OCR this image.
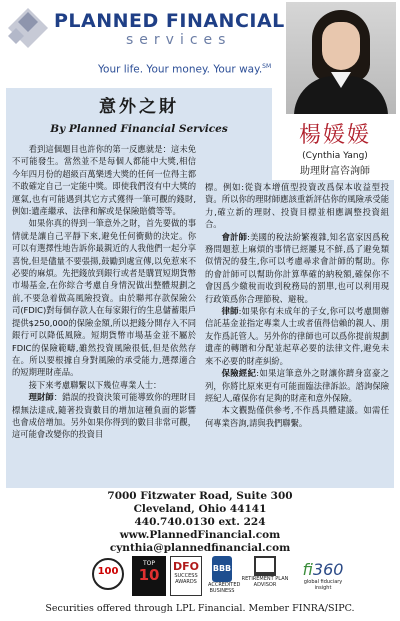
PLANNED FINANCIAL
services
Your life. Your money. Your way.℠
楊媛媛
(Cynthia Yang)
助理財富咨詢師
意外之財
By Planned Financial Services

看到這個題目也許你的第一反應就是：這未免不可能發生。當然並不是每個人都能中大獎,相信今年四月份的超級百萬樂透大獎的任何一位得主都不敢確定自己一定能中獎。即使我們沒有中大獎的運氣,也有可能遇到其它方式獲得一筆可觀的錢財,例如:遺產繼承、法律和解或是保險賠償等等。

如果你真的得到一筆意外之財，首先要做的事情就是讓自己平靜下來,避免任何衝動的決定。你可以有選擇性地告訴你最親近的人我他們一起分享喜悅,但是儘量不要張揚,鼓勵到處宣傳,以免惹來不必要的麻煩。先把錢放到銀行或者是購買短期貨幣市場基金,在你綜合考慮自身情況做出整體規劃之前,不要急着做高風險投資。由於聯邦存款保險公司(FDIC)對每個存款人在每家銀行的生息儲蓄賬戶提供$250,000的保險金額,所以把錢分開存入不同銀行可以降低風險。短期貨幣市場基金並不屬於FDIC的保險範疇,雖然投資風險很低,但是依然存在。所以要根據自身對風險的承受能力,選擇適合的短期理財產品。

接下來考慮聯繫以下幾位專業人士：

理財師：錯誤的投資決策可能導致你的理財目標無法達成,隨著投資數目的增加這種負面的影響也會成倍增加。另外如果你得到的數目非常可觀，這可能會改變你的投資目

標。例如:從資本增值型投資改爲保本收益型投資。所以你的理財師應該重新評估你的風險承受能力,確立新的理財、投資目標並相應調整投資組合。

會計師:美國的稅法紛繁複雜,知名富家因爲稅務問題惹上麻煩的事情已經屢見不鮮,爲了避免類似情況的發生,你可以考慮尋求會計師的幫助。你的會計師可以幫助你計算準確的納稅額,確保你不會因爲少繳稅而收到稅務局的罰單,也可以利用現行政策爲你合理節稅、避稅。

律師:如果你有未成年的子女,你可以考慮開辦信託基金並指定專業人士或者值得信賴的親人、朋友作爲託管人。另外你的律師也可以爲你提前規劃遺產的轉贈和分配並起草必要的法律文件,避免未來不必要的財產糾紛。

保險經紀:如果這筆意外之財讓你躋身富豪之列，你將比原來更有可能面臨法律訴訟。諮詢保險經紀人,確保你有足夠的財產和意外保險。

本文觀點僅供參考,不作爲具體建議。如需任何專業咨詢,請與我們聯繫。

7000 Fitzwater Road, Suite 300
Cleveland, Ohio 44141
440.740.0130 ext. 224
www.PlannedFinancial.com
cynthia@plannedfinancial.com
100
TOP
10	DFO
SUCCESS AWARDS
BBB
ACCREDITED BUSINESS
RETIREMENT PLAN ADVISOR
fi360
global fiduciary insight
Securities offered through LPL Financial. Member FINRA/SIPC.
